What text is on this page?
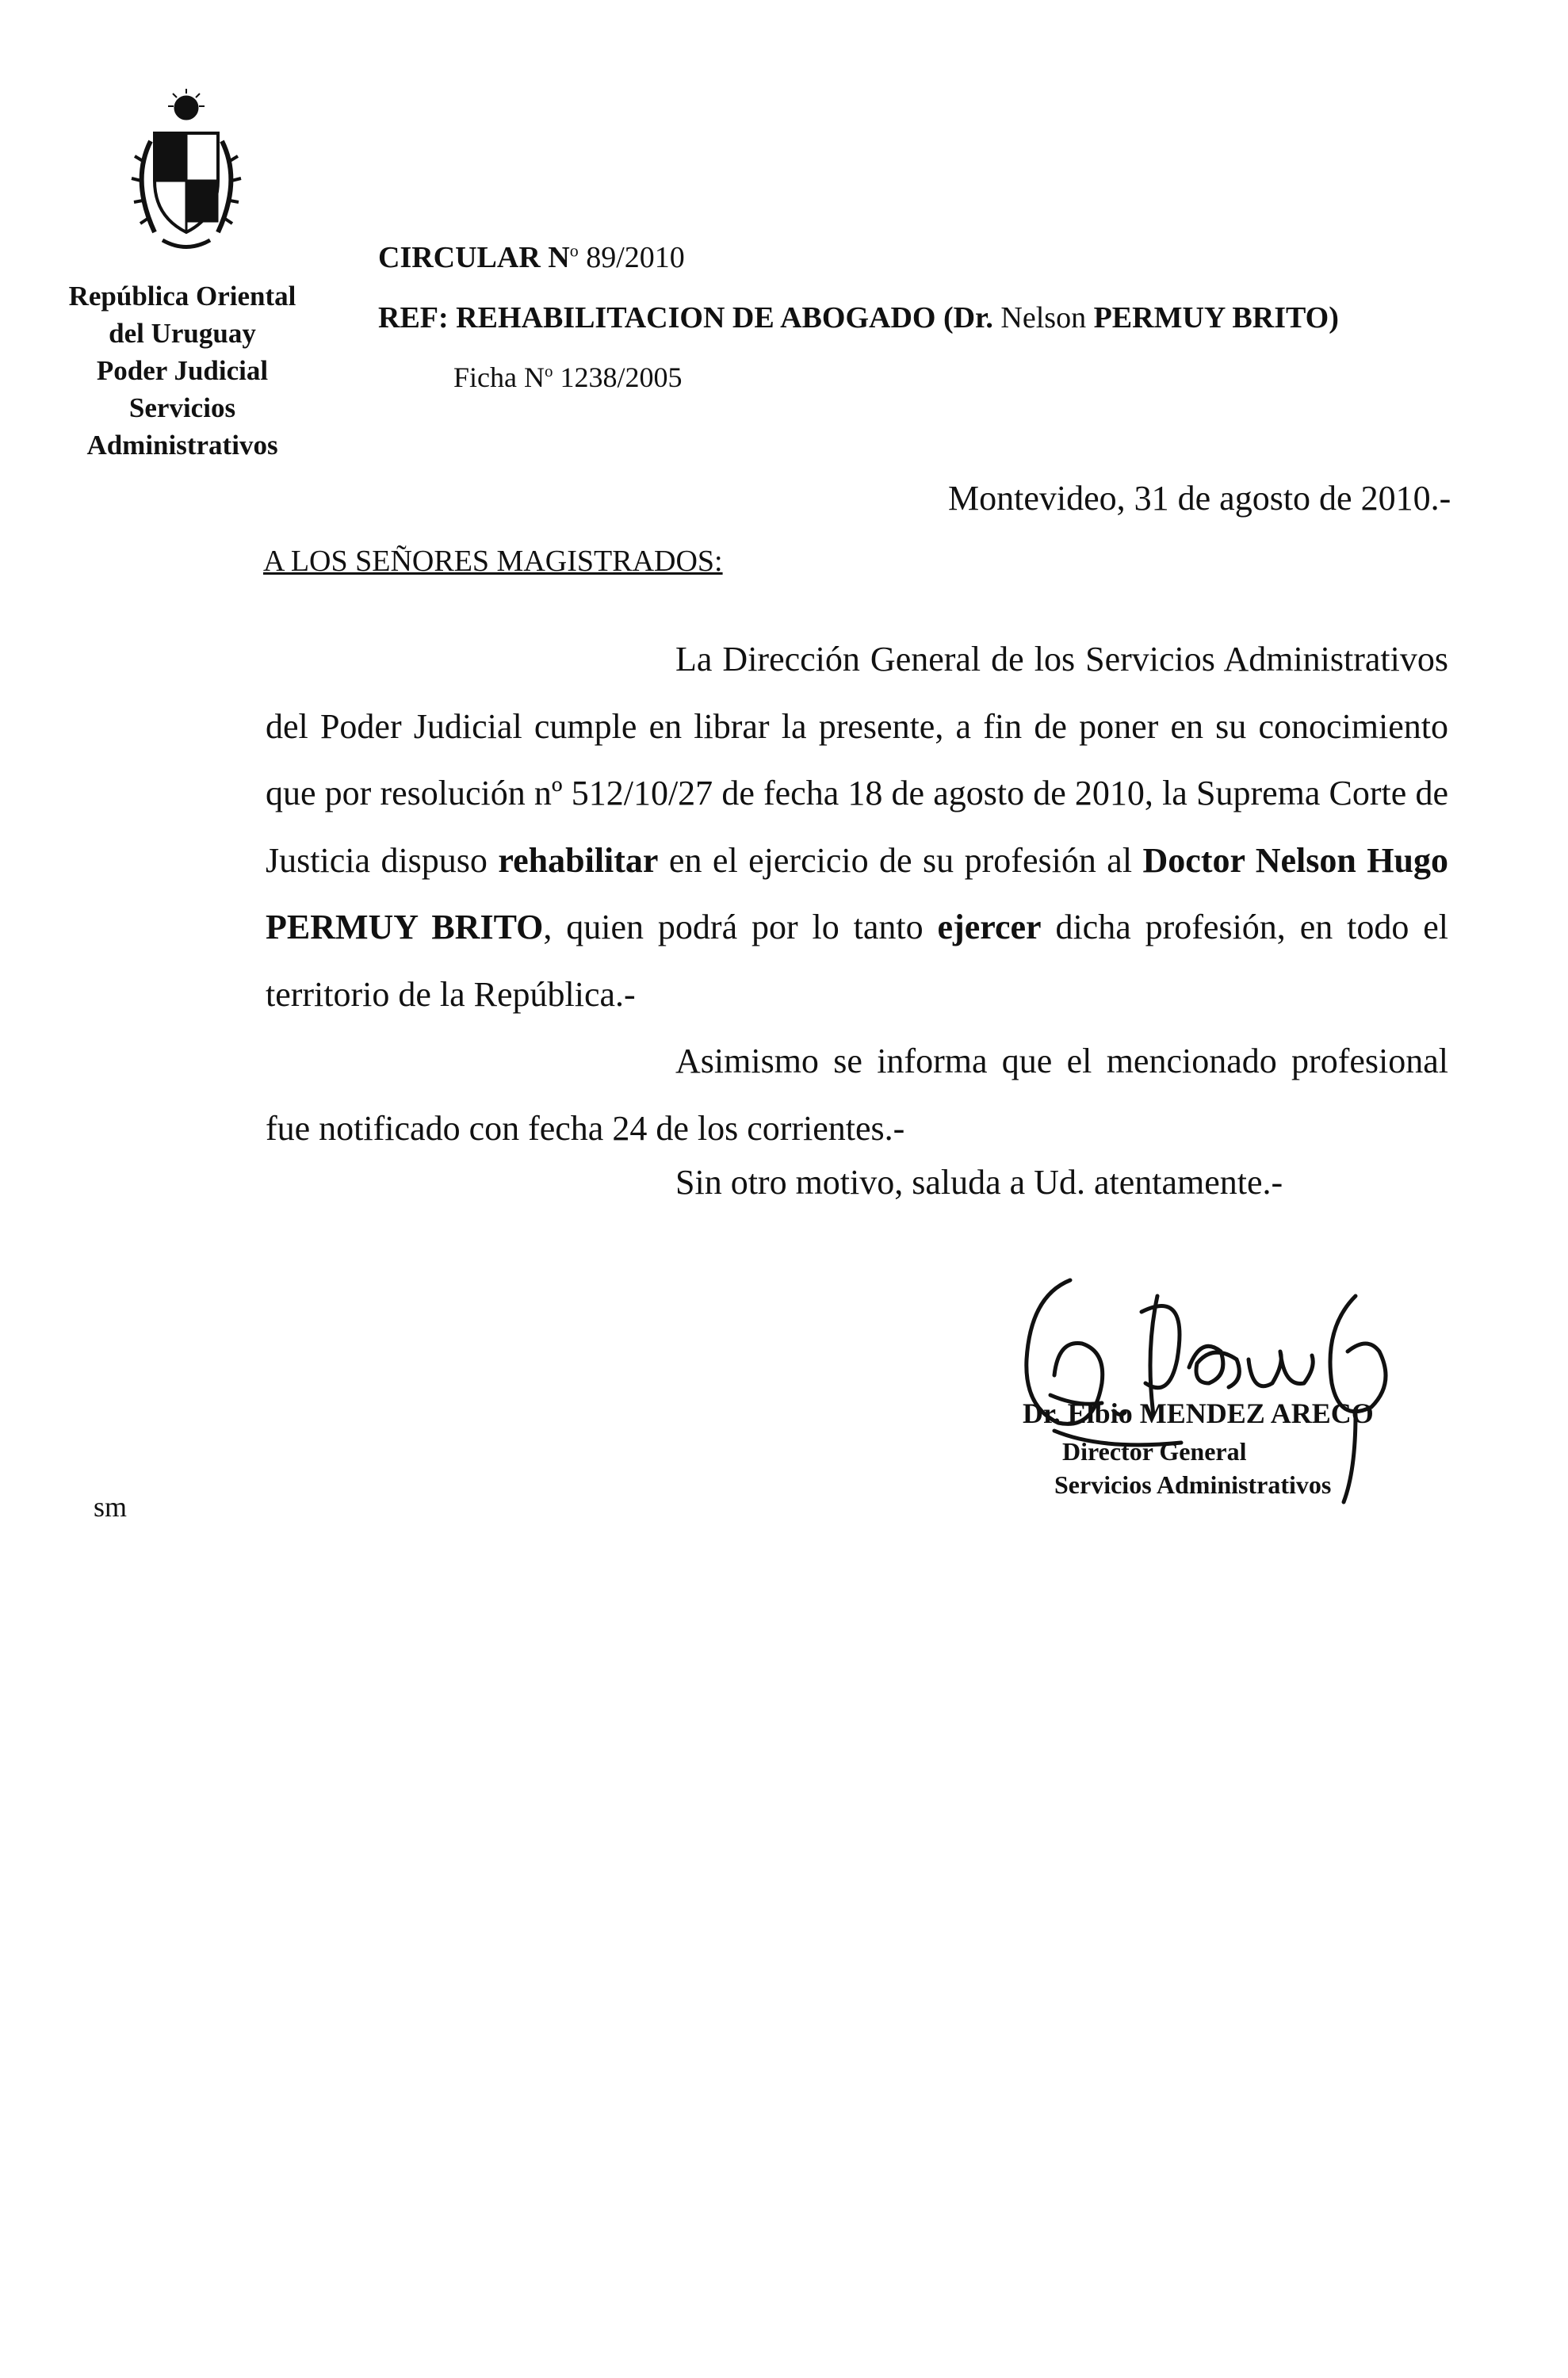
República Oriental
del Uruguay
Poder Judicial
Servicios
Administrativos
CIRCULAR $N^o$ 89/2010
REF: REHABILITACION DE ABOGADO (Dr. Nelson PERMUY BRITO)
Ficha $N^o$ 1238/2005
Montevideo, 31 de agosto de 2010.-
A LOS SEÑORES MAGISTRADOS:
La Dirección General de los Servicios Administrativos del Poder Judicial cumple en librar la presente, a fin de poner en su conocimiento que por resolución nº 512/10/27 de fecha 18 de agosto de 2010, la Suprema Corte de Justicia dispuso rehabilitar en el ejercicio de su profesión al Doctor Nelson Hugo PERMUY BRITO, quien podrá por lo tanto ejercer dicha profesión, en todo el territorio de la República.-
Asimismo se informa que el mencionado profesional fue notificado con fecha 24 de los corrientes.-
Sin otro motivo, saluda a Ud. atentamente.-
Dr. Elbio MENDEZ ARECO
Director General
Servicios Administrativos
sm
